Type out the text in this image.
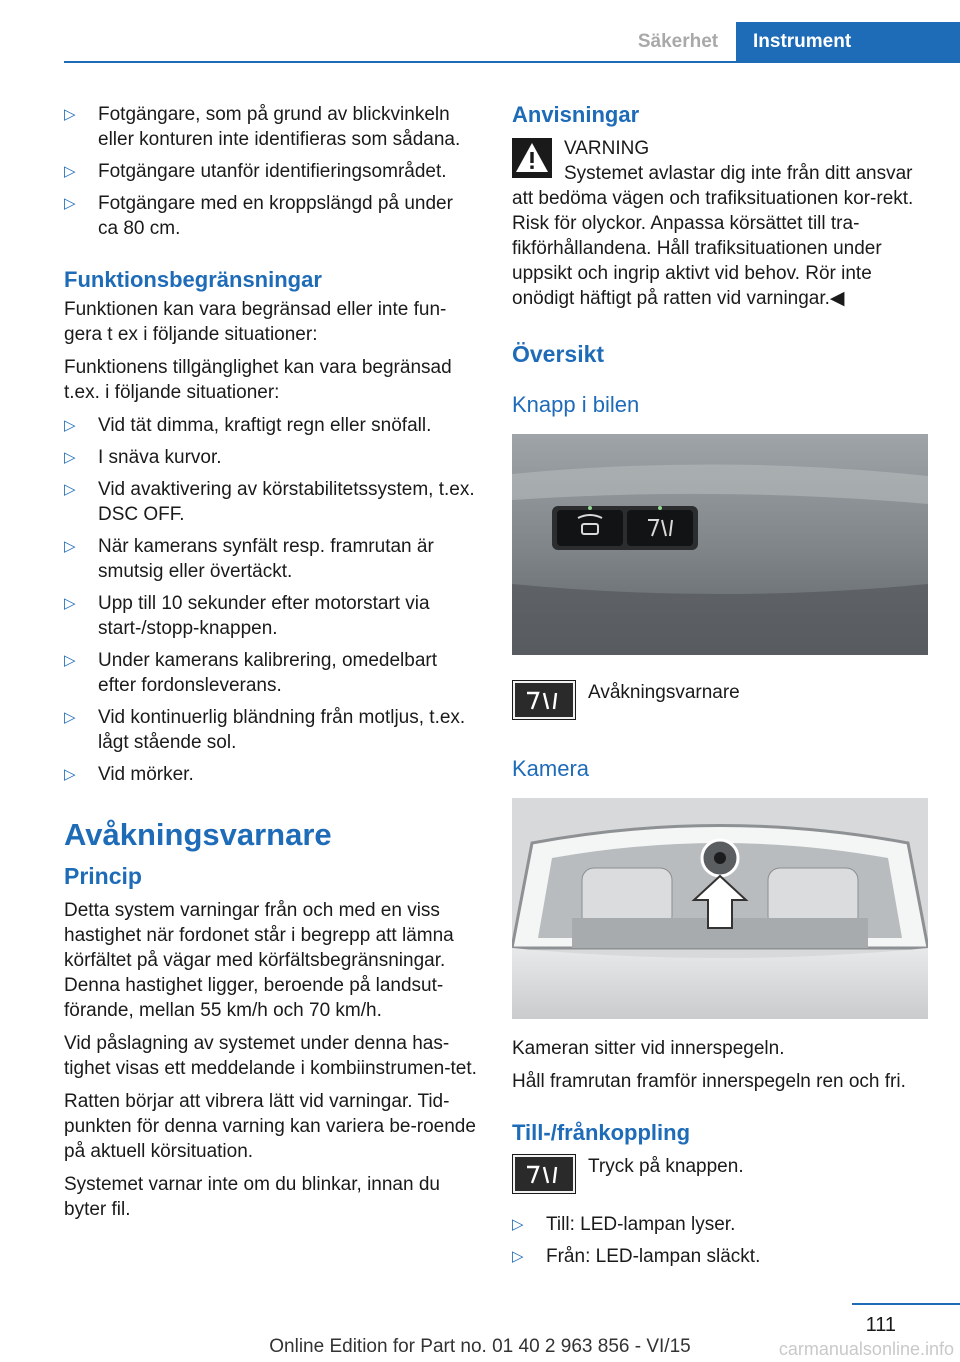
Säkerhet	Instrument
▷ Fotgängare, som på grund av blickvinkeln eller konturen inte identifieras som sådana.
▷ Fotgängare utanför identifieringsområdet.
▷ Fotgängare med en kroppslängd på under ca 80 cm.
Funktionsbegränsningar

Funktionen kan vara begränsad eller inte fun‐gera t ex i följande situationer:

Funktionens tillgänglighet kan vara begränsad t.ex. i följande situationer:

▷ Vid tät dimma, kraftigt regn eller snöfall.
▷ I snäva kurvor.
▷ Vid avaktivering av körstabilitetssystem, t.ex. DSC OFF.
▷ När kamerans synfält resp. framrutan är smutsig eller övertäckt.
▷ Upp till 10 sekunder efter motorstart via start-/stopp-knappen.
▷ Under kamerans kalibrering, omedelbart efter fordonsleverans.
▷ Vid kontinuerlig bländning från motljus, t.ex. lågt stående sol.
▷ Vid mörker.
Avåkningsvarnare
Princip

Detta system varningar från och med en viss hastighet när fordonet står i begrepp att lämna körfältet på vägar med körfältsbegränsningar. Denna hastighet ligger, beroende på landsut‐förande, mellan 55 km/h och 70 km/h.

Vid påslagning av systemet under denna has‐tighet visas ett meddelande i kombiinstrumen‐tet.

Ratten börjar att vibrera lätt vid varningar. Tid‐punkten för denna varning kan variera be‐roende på aktuell körsituation.

Systemet varnar inte om du blinkar, innan du byter fil.

Anvisningar
VARNING
Systemet avlastar dig inte från ditt ansvar
att bedöma vägen och trafiksituationen kor‐rekt. Risk för olyckor. Anpassa körsättet till tra‐fikförhållandena. Håll trafiksituationen under uppsikt och ingrip aktivt vid behov. Rör inte onödigt häftigt på ratten vid varningar.◀
Översikt
Knapp i bilen
Avåkningsvarnare
Kamera

Kameran sitter vid innerspegeln.

Håll framrutan framför innerspegeln ren och fri.

Till-/frånkoppling
Tryck på knappen.
▷ Till: LED-lampan lyser.
▷ Från: LED-lampan släckt.
111
Online Edition for Part no. 01 40 2 963 856 - VI/15	carmanualsonline.info
